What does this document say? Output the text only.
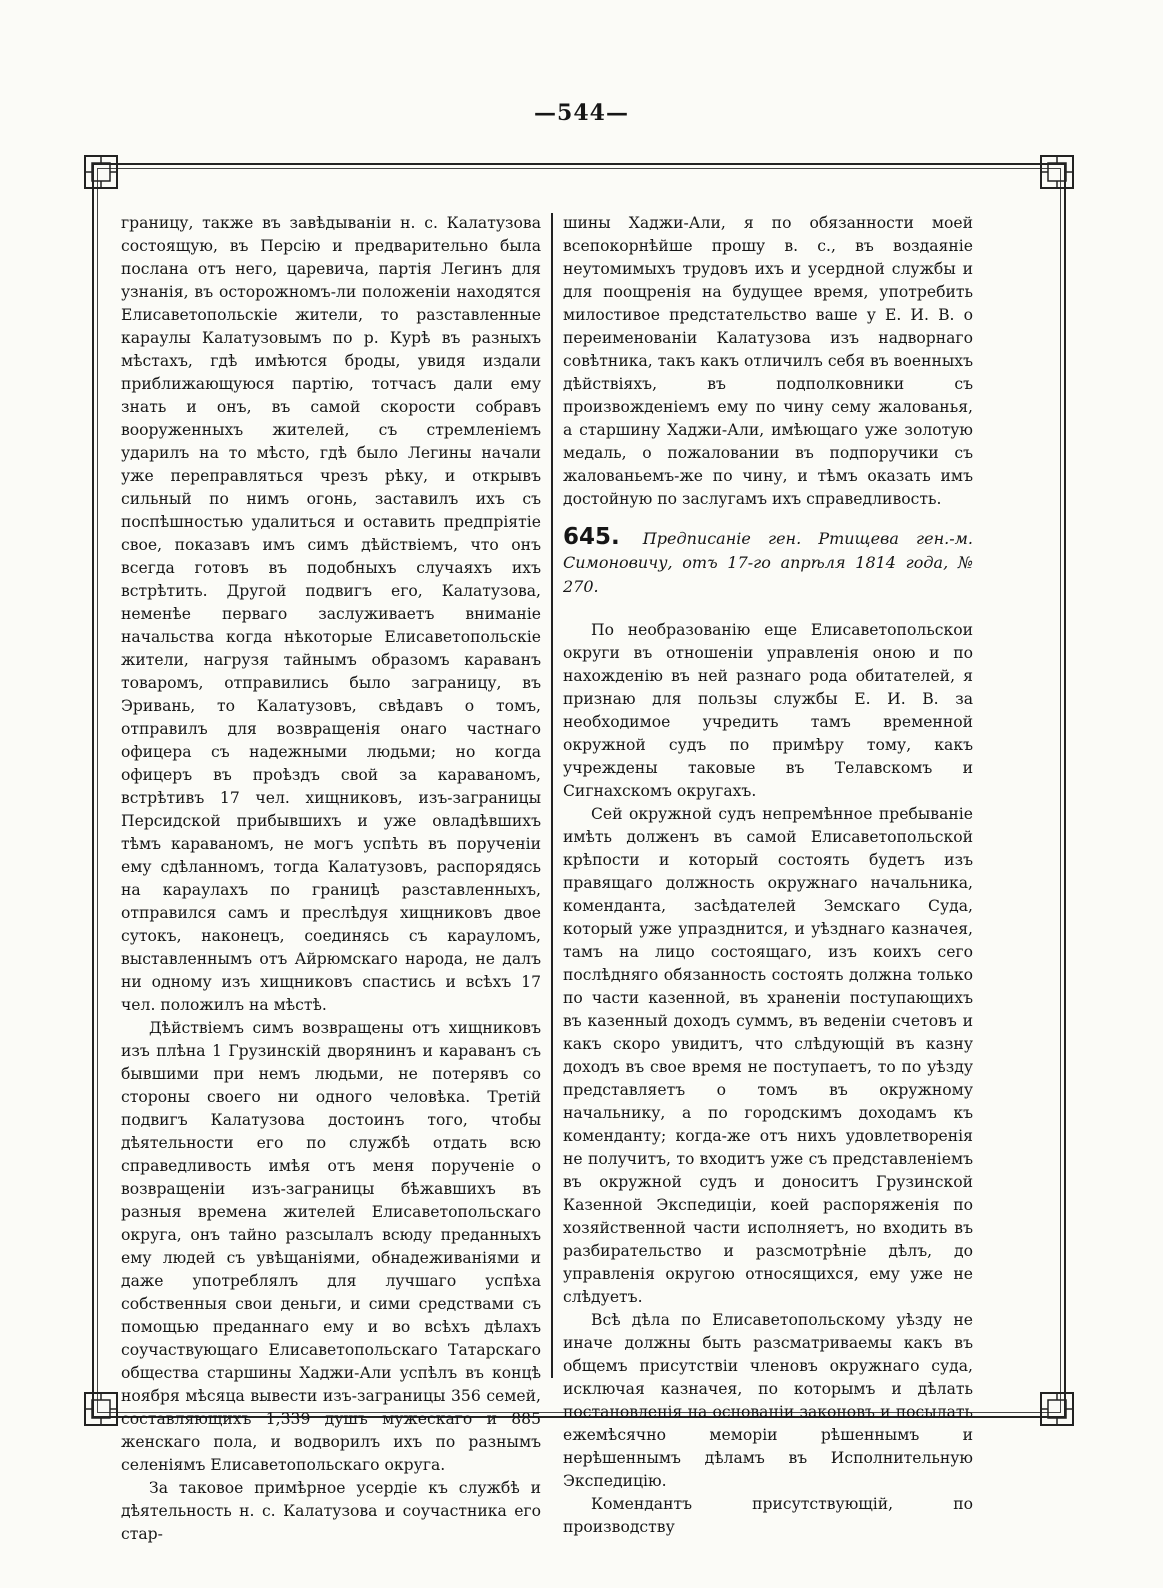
—544—

границу, также въ завѣдываніи н. с. Калатузова состоящую, въ Персію и предварительно была послана отъ него, царевича, партія Легинъ для узнанія, въ осторожномъ-ли положеніи находятся Елисаветопольскіе жители, то разставленные караулы Калатузовымъ по р. Курѣ въ разныхъ мѣстахъ, гдѣ имѣются броды, увидя издали приближающуюся партію, тотчасъ дали ему знать и онъ, въ самой скорости собравъ вооруженныхъ жителей, съ стремленіемъ ударилъ на то мѣсто, гдѣ было Легины начали уже переправляться чрезъ рѣку, и открывъ сильный по нимъ огонь, заставилъ ихъ съ поспѣшностью удалиться и оставить предпріятіе свое, показавъ имъ симъ дѣйствіемъ, что онъ всегда готовъ въ подобныхъ случаяхъ ихъ встрѣтить. Другой подвигъ его, Калатузова, неменѣе перваго заслуживаетъ вниманіе начальства когда нѣкоторые Елисаветопольскіе жители, нагрузя тайнымъ образомъ караванъ товаромъ, отправились было заграницу, въ Эривань, то Калатузовъ, свѣдавъ о томъ, отправилъ для возвращенія онаго частнаго офицера съ надежными людьми; но когда офицеръ въ проѣздъ свой за караваномъ, встрѣтивъ 17 чел. хищниковъ, изъ-заграницы Персидской прибывшихъ и уже овладѣвшихъ тѣмъ караваномъ, не могъ успѣть въ порученіи ему сдѣланномъ, тогда Калатузовъ, распорядясь на караулахъ по границѣ разставленныхъ, отправился самъ и преслѣдуя хищниковъ двое сутокъ, наконецъ, соединясь съ карауломъ, выставленнымъ отъ Айрюмскаго народа, не далъ ни одному изъ хищниковъ спастись и всѣхъ 17 чел. положилъ на мѣстѣ.

Дѣйствіемъ симъ возвращены отъ хищниковъ изъ плѣна 1 Грузинскій дворянинъ и караванъ съ бывшими при немъ людьми, не потерявъ со стороны своего ни одного человѣка. Третій подвигъ Калатузова достоинъ того, чтобы дѣятельности его по службѣ отдать всю справедливость имѣя отъ меня порученіе о возвращеніи изъ-заграницы бѣжавшихъ въ разныя времена жителей Елисаветопольскаго округа, онъ тайно разсылалъ всюду преданныхъ ему людей съ увѣщаніями, обнадеживаніями и даже употреблялъ для лучшаго успѣха собственныя свои деньги, и сими средствами съ помощью преданнаго ему и во всѣхъ дѣлахъ соучаствующаго Елисаветопольскаго Татарскаго общества старшины Хаджи-Али успѣлъ въ концѣ ноября мѣсяца вывести изъ-заграницы 356 семей, составляющихъ 1,339 душъ мужескаго и 885 женскаго пола, и водворилъ ихъ по разнымъ селеніямъ Елисаветопольскаго округа.

За таковое примѣрное усердіе къ службѣ и дѣятельность н. с. Калатузова и соучастника его стар-

шины Хаджи-Али, я по обязанности моей всепокорнѣйше прошу в. с., въ воздаяніе неутомимыхъ трудовъ ихъ и усердной службы и для поощренія на будущее время, употребить милостивое предстательство ваше у Е. И. В. о переименованіи Калатузова изъ надворнаго совѣтника, такъ какъ отличилъ себя въ военныхъ дѣйствіяхъ, въ подполковники съ произвожденіемъ ему по чину сему жалованья, а старшину Хаджи-Али, имѣющаго уже золотую медаль, о пожаловании въ подпоручики съ жалованьемъ-же по чину, и тѣмъ оказать имъ достойную по заслугамъ ихъ справедливость.

645. Предписаніе ген. Ртищева ген.-м. Симоновичу, отъ 17-го апрѣля 1814 года, № 270.

По необразованію еще Елисаветопольскои округи въ отношеніи управленія оною и по нахожденію въ ней разнаго рода обитателей, я признаю для пользы службы Е. И. В. за необходимое учредить тамъ временной окружной судъ по примѣру тому, какъ учреждены таковые въ Телавскомъ и Сигнахскомъ округахъ.

Сей окружной судъ непремѣнное пребываніе имѣть долженъ въ самой Елисаветопольской крѣпости и который состоять будетъ изъ правящаго должность окружнаго начальника, коменданта, засѣдателей Земскаго Суда, который уже упразднится, и уѣзднаго казначея, тамъ на лицо состоящаго, изъ коихъ сего послѣдняго обязанность состоять должна только по части казенной, въ храненіи поступающихъ въ казенный доходъ суммъ, въ веденіи счетовъ и какъ скоро увидитъ, что слѣдующій въ казну доходъ въ свое время не поступаетъ, то по уѣзду представляетъ о томъ въ окружному начальнику, а по городскимъ доходамъ къ коменданту; когда-же отъ нихъ удовлетворенія не получитъ, то входитъ уже съ представленіемъ въ окружной судъ и доноситъ Грузинской Казенной Экспедиціи, коей распоряженія по хозяйственной части исполняетъ, но входить въ разбирательство и разсмотрѣніе дѣлъ, до управленія округою относящихся, ему уже не слѣдуетъ.

Всѣ дѣла по Елисаветопольскому уѣзду не иначе должны быть разсматриваемы какъ въ общемъ присутствіи членовъ окружнаго суда, исключая казначея, по которымъ и дѣлать постановленія на основаніи законовъ и посылать ежемѣсячно меморіи рѣшеннымъ и нерѣшеннымъ дѣламъ въ Исполнительную Экспедицію.

Комендантъ присутствующій, по производству
